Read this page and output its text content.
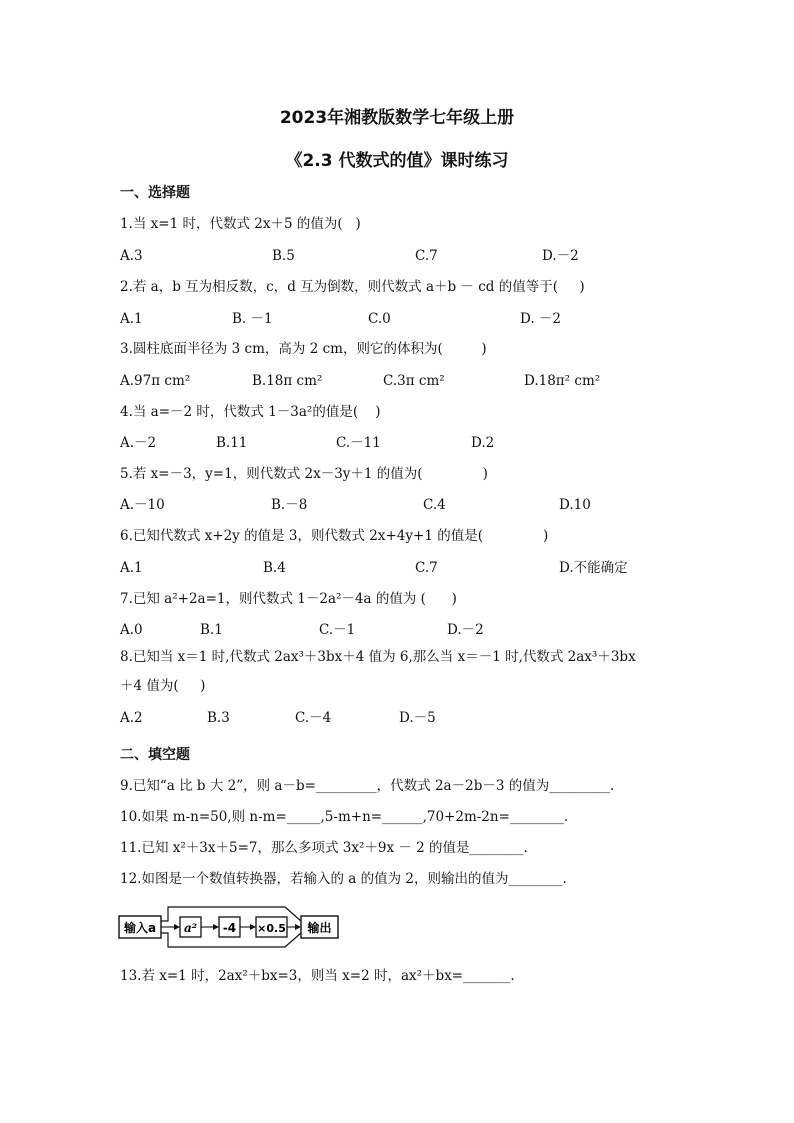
2023年湘教版数学七年级上册
《2.3 代数式的值》课时练习
一、选择题
1.当 x=1 时，代数式 2x＋5 的值为(   )
A.3	B.5	C.7	D.－2
2.若 a，b 互为相反数，c，d 互为倒数，则代数式 a＋b － cd 的值等于(     )
A.1	B. －1	C.0	D. －2
3.圆柱底面半径为 3 cm，高为 2 cm，则它的体积为(         )
A.97π cm²	B.18π cm²	C.3π cm²	D.18π² cm²
4.当 a=－2 时，代数式 1－3a²的值是(    )
A.－2	B.11	C.－11	D.2
5.若 x=－3，y=1，则代数式 2x－3y＋1 的值为(              )
A.－10	B.－8	C.4	D.10
6.已知代数式 x+2y 的值是 3，则代数式 2x+4y+1 的值是(              )
A.1	B.4	C.7	D.不能确定
7.已知 a²+2a=1，则代数式 1－2a²－4a 的值为 (      )
A.0	B.1	C.－1	D.－2
8.已知当 x＝1 时,代数式 2ax³＋3bx＋4 值为 6,那么当 x＝－1 时,代数式 2ax³＋3bx
＋4 值为(     )
A.2	B.3	C.－4	D.－5
二、填空题
9.已知“a 比 b 大 2”，则 a－b=_________，代数式 2a－2b－3 的值为_________.
10.如果 m-n=50,则 n-m=_____,5-m+n=______,70+2m-2n=________.
11.已知 x²＋3x＋5=7，那么多项式 3x²＋9x － 2 的值是________.
12.如图是一个数值转换器，若输入的 a 的值为 2，则输出的值为________.
输入a a² -4 ×0.5 输出
13.若 x=1 时，2ax²＋bx=3，则当 x=2 时，ax²＋bx=_______.
